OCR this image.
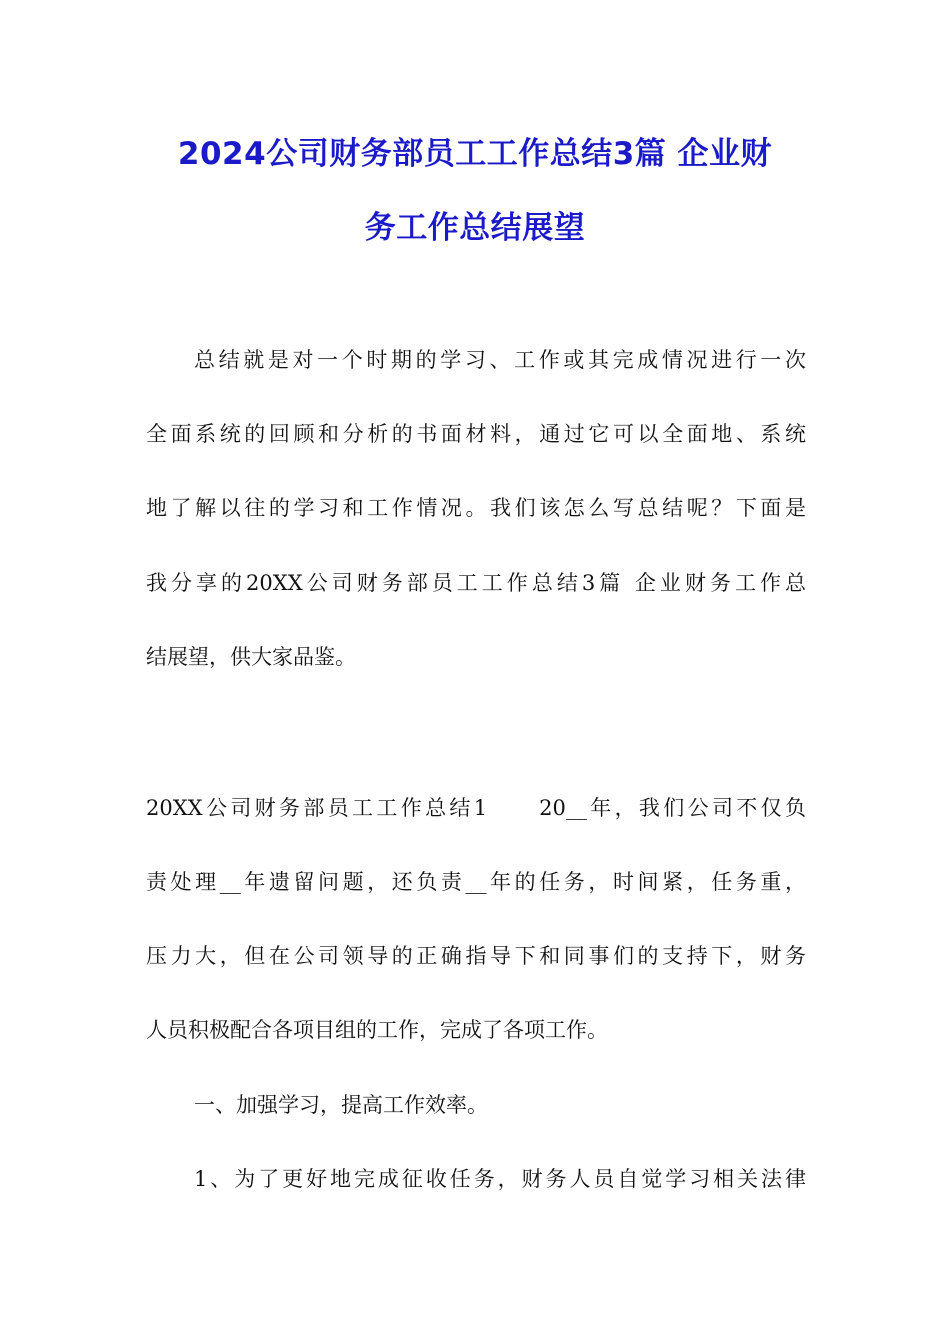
2024公司财务部员工工作总结3篇 企业财
务工作总结展望

总结就是对一个时期的学习、工作或其完成情况进行一次

全面系统的回顾和分析的书面材料，通过它可以全面地、系统

地了解以往的学习和工作情况。我们该怎么写总结呢？下面是

我分享的20XX公司财务部员工工作总结3篇 企业财务工作总

结展望，供大家品鉴。

20XX公司财务部员工工作总结1　　20__年，我们公司不仅负

责处理__年遗留问题，还负责__年的任务，时间紧，任务重，

压力大，但在公司领导的正确指导下和同事们的支持下，财务

人员积极配合各项目组的工作，完成了各项工作。

一、加强学习，提高工作效率。

1、为了更好地完成征收任务，财务人员自觉学习相关法律
